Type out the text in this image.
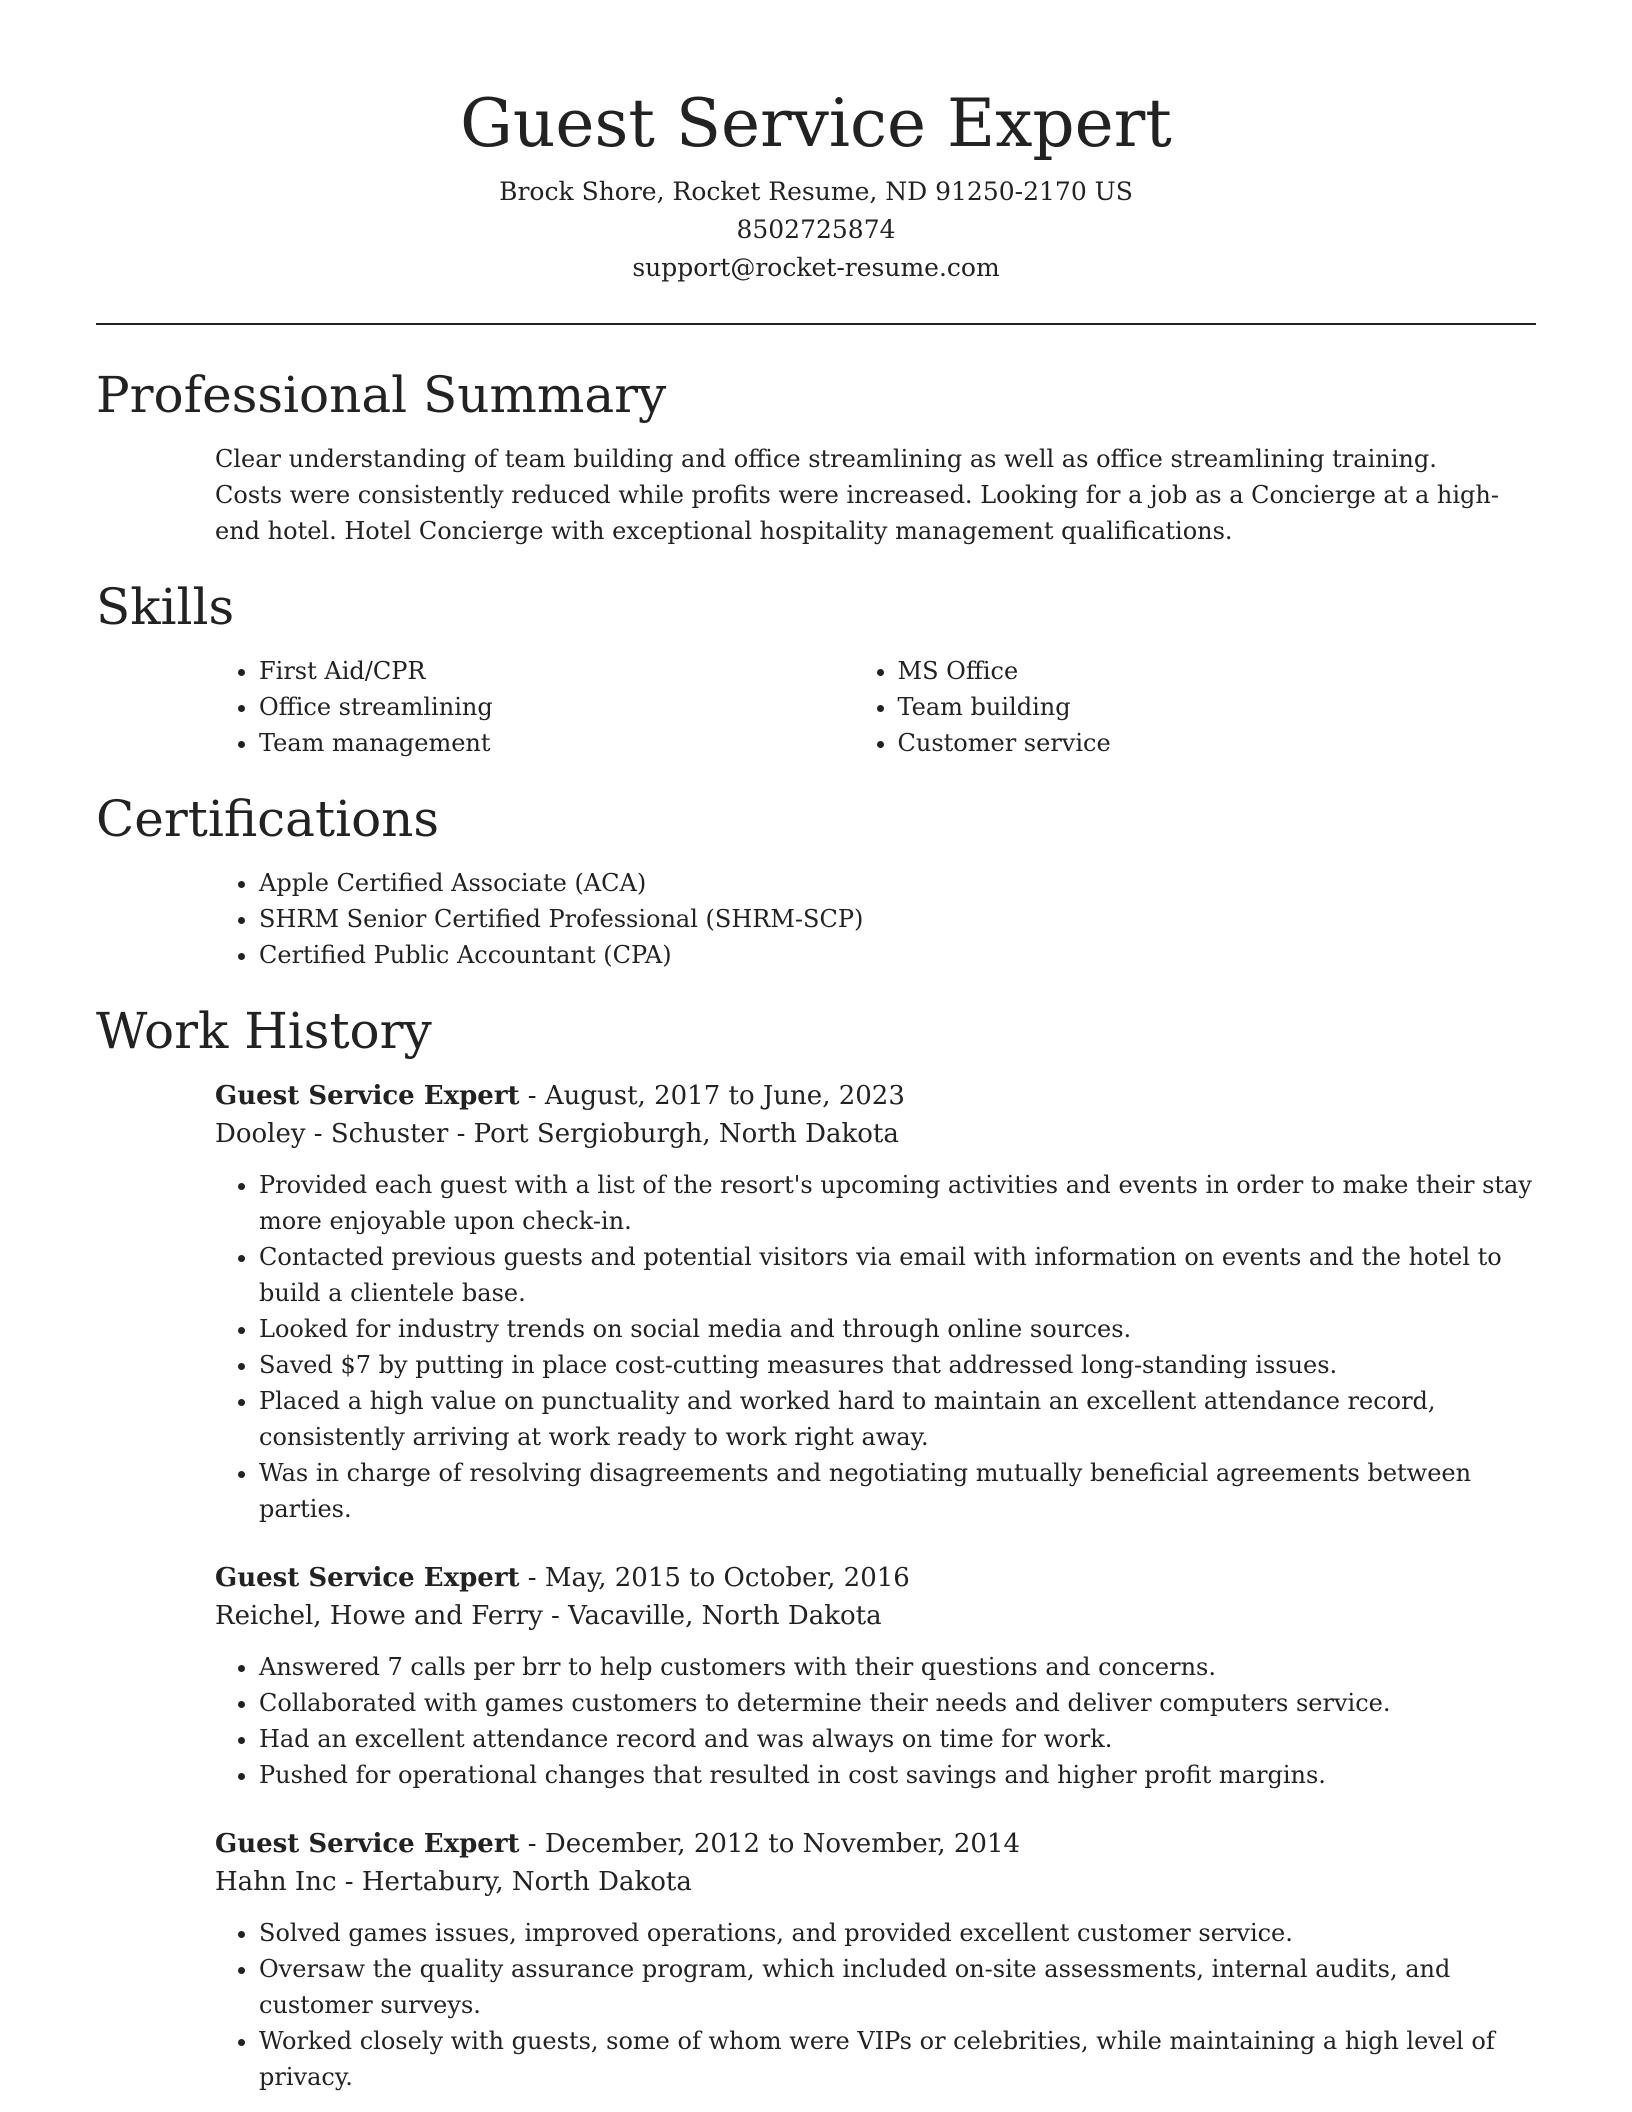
Guest Service Expert
Brock Shore, Rocket Resume, ND 91250-2170 US
8502725874
support@rocket-resume.com
Professional Summary

Clear understanding of team building and office streamlining as well as office streamlining training. Costs were consistently reduced while profits were increased. Looking for a job as a Concierge at a high-end hotel. Hotel Concierge with exceptional hospitality management qualifications.

Skills
• First Aid/CPR
• Office streamlining
• Team management
• MS Office
• Team building
• Customer service
Certifications
• Apple Certified Associate (ACA)
• SHRM Senior Certified Professional (SHRM-SCP)
• Certified Public Accountant (CPA)
Work History
Guest Service Expert - August, 2017 to June, 2023
Dooley - Schuster - Port Sergioburgh, North Dakota
• Provided each guest with a list of the resort's upcoming activities and events in order to make their stay more enjoyable upon check-in.
• Contacted previous guests and potential visitors via email with information on events and the hotel to build a clientele base.
• Looked for industry trends on social media and through online sources.
• Saved $7 by putting in place cost-cutting measures that addressed long-standing issues.
• Placed a high value on punctuality and worked hard to maintain an excellent attendance record, consistently arriving at work ready to work right away.
• Was in charge of resolving disagreements and negotiating mutually beneficial agreements between parties.
Guest Service Expert - May, 2015 to October, 2016
Reichel, Howe and Ferry - Vacaville, North Dakota
• Answered 7 calls per brr to help customers with their questions and concerns.
• Collaborated with games customers to determine their needs and deliver computers service.
• Had an excellent attendance record and was always on time for work.
• Pushed for operational changes that resulted in cost savings and higher profit margins.
Guest Service Expert - December, 2012 to November, 2014
Hahn Inc - Hertabury, North Dakota
• Solved games issues, improved operations, and provided excellent customer service.
• Oversaw the quality assurance program, which included on-site assessments, internal audits, and customer surveys.
• Worked closely with guests, some of whom were VIPs or celebrities, while maintaining a high level of privacy.
